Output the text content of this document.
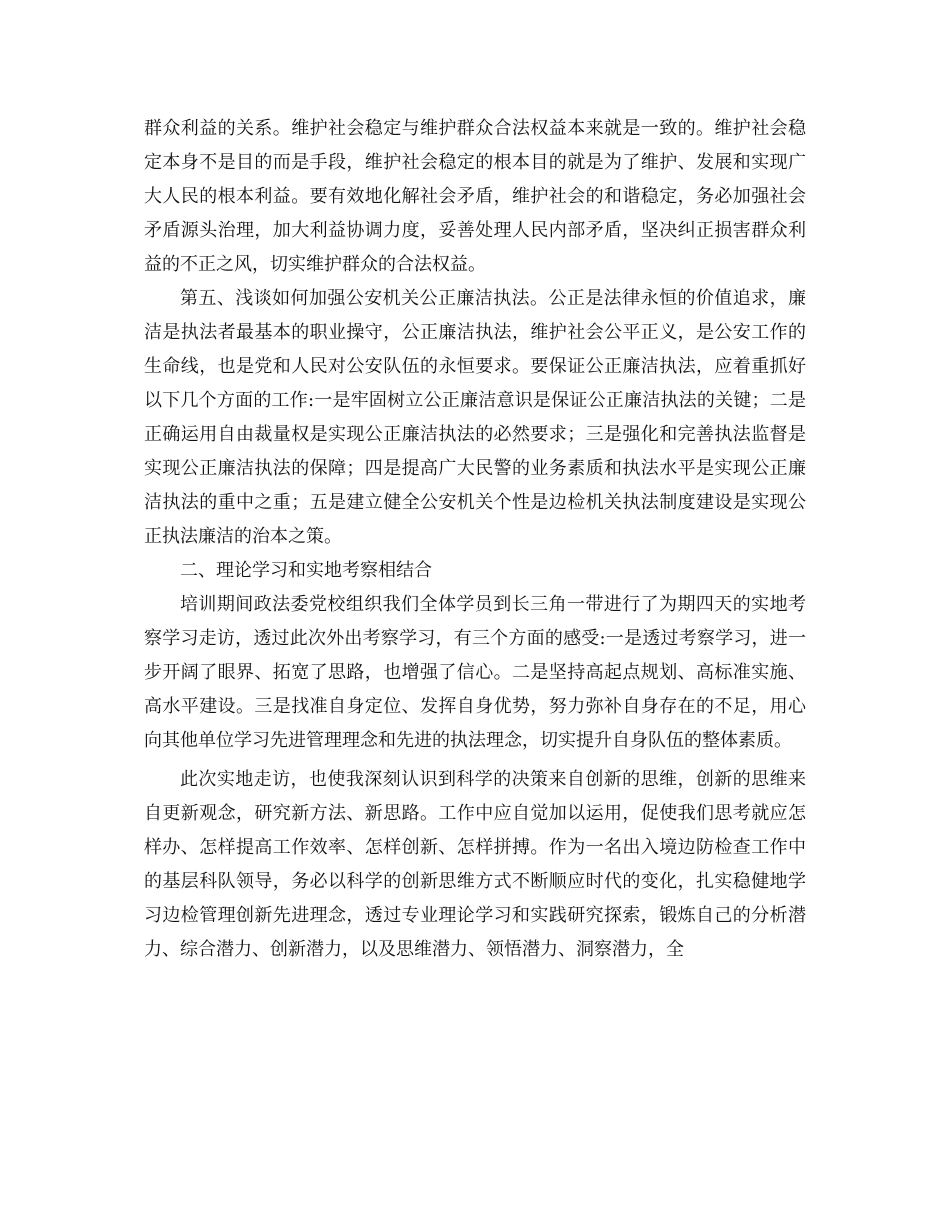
群众利益的关系。维护社会稳定与维护群众合法权益本来就是一致的。维护社会稳定本身不是目的而是手段，维护社会稳定的根本目的就是为了维护、发展和实现广大人民的根本利益。要有效地化解社会矛盾，维护社会的和谐稳定，务必加强社会矛盾源头治理，加大利益协调力度，妥善处理人民内部矛盾，坚决纠正损害群众利益的不正之风，切实维护群众的合法权益。

第五、浅谈如何加强公安机关公正廉洁执法。公正是法律永恒的价值追求，廉洁是执法者最基本的职业操守，公正廉洁执法，维护社会公平正义，是公安工作的生命线，也是党和人民对公安队伍的永恒要求。要保证公正廉洁执法，应着重抓好以下几个方面的工作:一是牢固树立公正廉洁意识是保证公正廉洁执法的关键；二是正确运用自由裁量权是实现公正廉洁执法的必然要求；三是强化和完善执法监督是实现公正廉洁执法的保障；四是提高广大民警的业务素质和执法水平是实现公正廉洁执法的重中之重；五是建立健全公安机关个性是边检机关执法制度建设是实现公正执法廉洁的治本之策。

二、理论学习和实地考察相结合

培训期间政法委党校组织我们全体学员到长三角一带进行了为期四天的实地考察学习走访，透过此次外出考察学习，有三个方面的感受:一是透过考察学习，进一步开阔了眼界、拓宽了思路，也增强了信心。二是坚持高起点规划、高标准实施、高水平建设。三是找准自身定位、发挥自身优势，努力弥补自身存在的不足，用心向其他单位学习先进管理理念和先进的执法理念，切实提升自身队伍的整体素质。

此次实地走访，也使我深刻认识到科学的决策来自创新的思维，创新的思维来自更新观念，研究新方法、新思路。工作中应自觉加以运用，促使我们思考就应怎样办、怎样提高工作效率、怎样创新、怎样拼搏。作为一名出入境边防检查工作中的基层科队领导，务必以科学的创新思维方式不断顺应时代的变化，扎实稳健地学习边检管理创新先进理念，透过专业理论学习和实践研究探索，锻炼自己的分析潜力、综合潜力、创新潜力，以及思维潜力、领悟潜力、洞察潜力，全
